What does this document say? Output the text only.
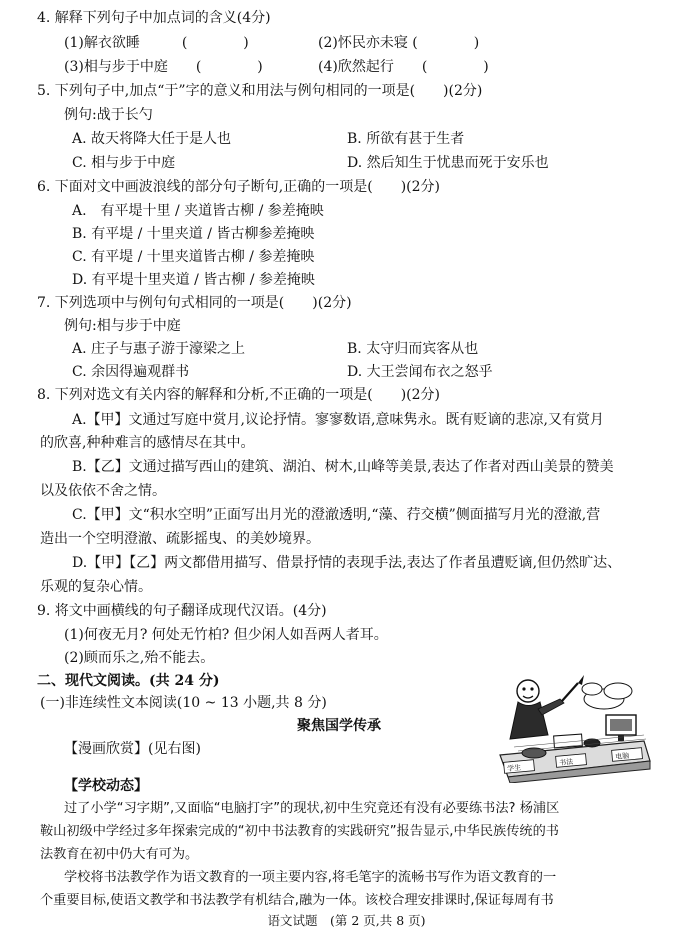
4. 解释下列句子中加点词的含义(4分)
(1)解衣欲睡　　　(　　　　)	(2)怀民亦未寝 (　　　　)
(3)相与步于中庭　　(　　　　)	(4)欣然起行　　(　　　　)
5. 下列句子中,加点“于”字的意义和用法与例句相同的一项是(　　)(2分)
例句:战于长勺
A. 故天将降大任于是人也	B. 所欲有甚于生者
C. 相与步于中庭	D. 然后知生于忧患而死于安乐也
6. 下面对文中画波浪线的部分句子断句,正确的一项是(　　)(2分)
A.　有平堤十里 / 夹道皆古柳 / 参差掩映
B. 有平堤 / 十里夹道 / 皆古柳参差掩映
C. 有平堤 / 十里夹道皆古柳 / 参差掩映
D. 有平堤十里夹道 / 皆古柳 / 参差掩映
7. 下列选项中与例句句式相同的一项是(　　)(2分)
例句:相与步于中庭
A. 庄子与惠子游于濠梁之上	B. 太守归而宾客从也
C. 余因得遍观群书	D. 大王尝闻布衣之怒乎
8. 下列对选文有关内容的解释和分析,不正确的一项是(　　)(2分)
A.【甲】文通过写庭中赏月,议论抒情。寥寥数语,意味隽永。既有贬谪的悲凉,又有赏月
的欣喜,种种难言的感情尽在其中。
B.【乙】文通过描写西山的建筑、湖泊、树木,山峰等美景,表达了作者对西山美景的赞美
以及依依不舍之情。
C.【甲】文“积水空明”正面写出月光的澄澈透明,“藻、荇交横”侧面描写月光的澄澈,营
造出一个空明澄澈、疏影摇曳、的美妙境界。
D.【甲】【乙】两文都借用描写、借景抒情的表现手法,表达了作者虽遭贬谪,但仍然旷达、
乐观的复杂心情。
9. 将文中画横线的句子翻译成现代汉语。(4分)
(1)何夜无月? 何处无竹柏? 但少闲人如吾两人者耳。
(2)顾而乐之,殆不能去。
二、现代文阅读。(共 24 分)
(一)非连续性文本阅读(10 ~ 13 小题,共 8 分)
聚焦国学传承
【漫画欣赏】(见右图)
学生
书法
电脑
【学校动态】
过了小学“习字期”,又面临“电脑打字”的现状,初中生究竟还有没有必要练书法? 杨浦区
鞍山初级中学经过多年探索完成的“初中书法教育的实践研究”报告显示,中华民族传统的书
法教育在初中仍大有可为。
学校将书法教学作为语文教育的一项主要内容,将毛笔字的流畅书写作为语文教育的一
个重要目标,使语文教学和书法教学有机结合,融为一体。该校合理安排课时,保证每周有书
语文试题　(第 2 页,共 8 页)
